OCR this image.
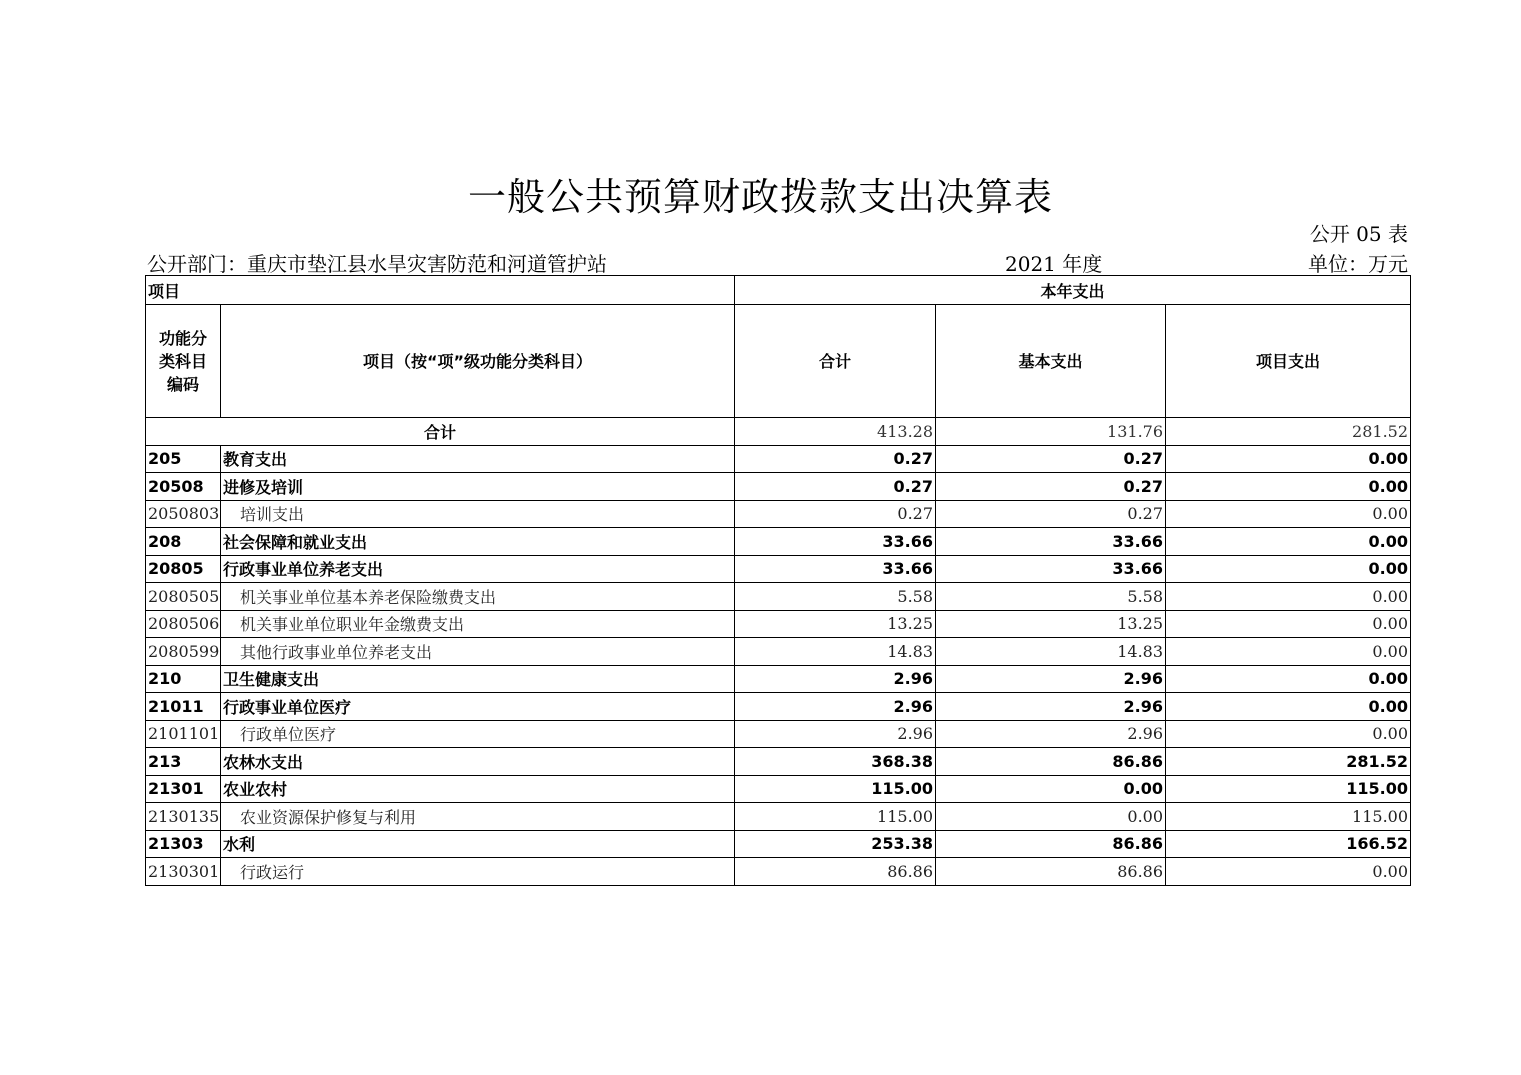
一般公共预算财政拨款支出决算表
公开 05 表
公开部门：重庆市垫江县水旱灾害防范和河道管护站	2021 年度	单位：万元
项目		本年支出		
功能分类科目编码	项目（按“项”级功能分类科目）	合计	基本支出	项目支出
合计		413.28	131.76	281.52
205	教育支出	0.27	0.27	0.00
20508	进修及培训	0.27	0.27	0.00
2050803	培训支出	0.27	0.27	0.00
208	社会保障和就业支出	33.66	33.66	0.00
20805	行政事业单位养老支出	33.66	33.66	0.00
2080505	机关事业单位基本养老保险缴费支出	5.58	5.58	0.00
2080506	机关事业单位职业年金缴费支出	13.25	13.25	0.00
2080599	其他行政事业单位养老支出	14.83	14.83	0.00
210	卫生健康支出	2.96	2.96	0.00
21011	行政事业单位医疗	2.96	2.96	0.00
2101101	行政单位医疗	2.96	2.96	0.00
213	农林水支出	368.38	86.86	281.52
21301	农业农村	115.00	0.00	115.00
2130135	农业资源保护修复与利用	115.00	0.00	115.00
21303	水利	253.38	86.86	166.52
2130301	行政运行	86.86	86.86	0.00
